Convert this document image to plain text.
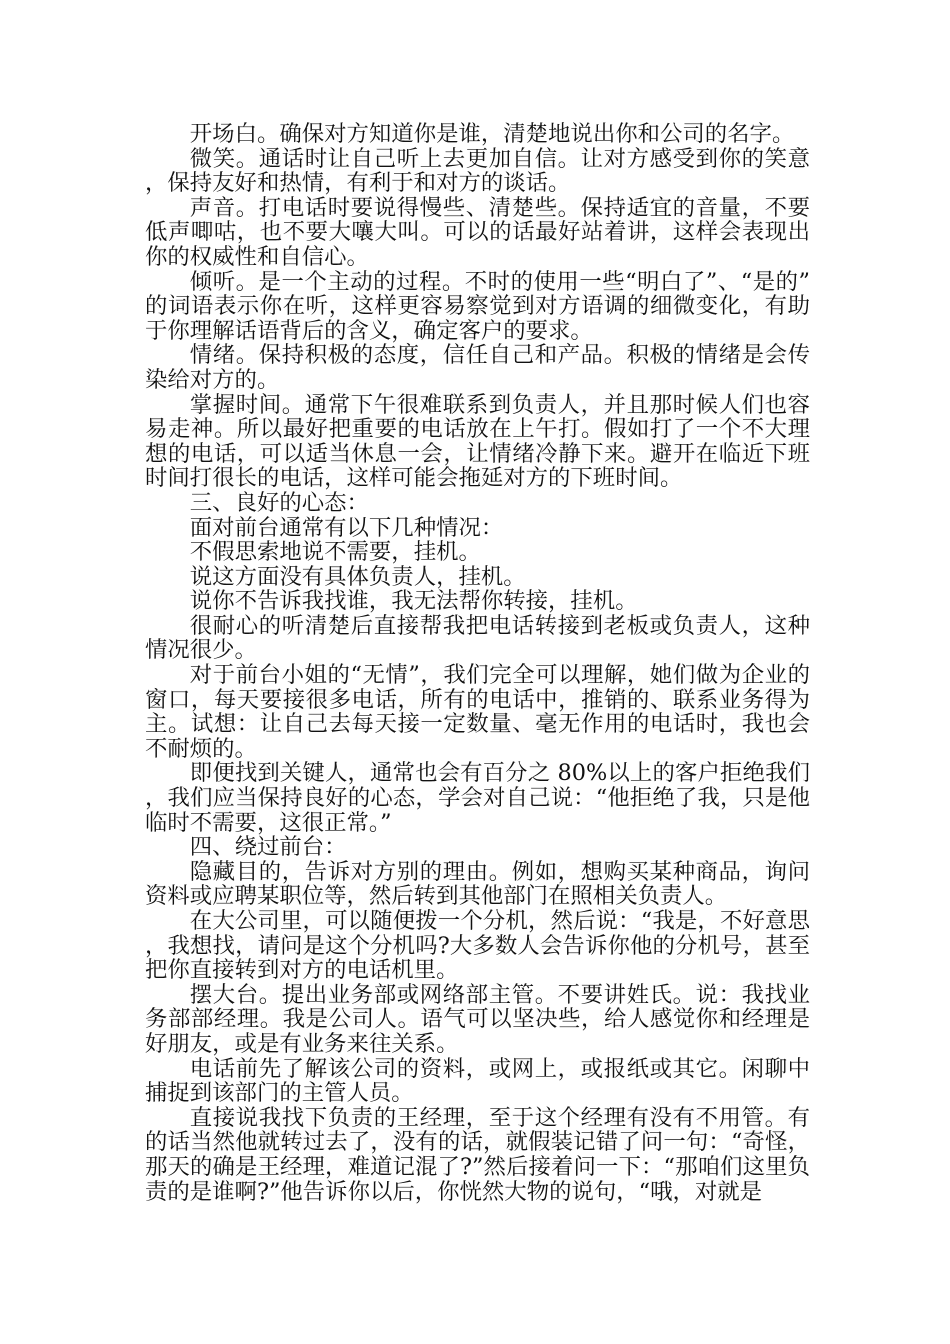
开场白。确保对方知道你是谁，清楚地说出你和公司的名字。

微笑。通话时让自己听上去更加自信。让对方感受到你的笑意，保持友好和热情，有利于和对方的谈话。

声音。打电话时要说得慢些、清楚些。保持适宜的音量，不要低声唧咕，也不要大嚷大叫。可以的话最好站着讲，这样会表现出你的权威性和自信心。

倾听。是一个主动的过程。不时的使用一些“明白了”、“是的”的词语表示你在听，这样更容易察觉到对方语调的细微变化，有助于你理解话语背后的含义，确定客户的要求。

情绪。保持积极的态度，信任自己和产品。积极的情绪是会传染给对方的。

掌握时间。通常下午很难联系到负责人，并且那时候人们也容易走神。所以最好把重要的电话放在上午打。假如打了一个不大理想的电话，可以适当休息一会，让情绪冷静下来。避开在临近下班时间打很长的电话，这样可能会拖延对方的下班时间。

三、良好的心态：

面对前台通常有以下几种情况：

不假思索地说不需要，挂机。

说这方面没有具体负责人，挂机。

说你不告诉我找谁，我无法帮你转接，挂机。

很耐心的听清楚后直接帮我把电话转接到老板或负责人，这种情况很少。

对于前台小姐的“无情”，我们完全可以理解，她们做为企业的窗口，每天要接很多电话，所有的电话中，推销的、联系业务得为主。试想：让自己去每天接一定数量、毫无作用的电话时，我也会不耐烦的。

即便找到关键人，通常也会有百分之 80%以上的客户拒绝我们，我们应当保持良好的心态，学会对自己说：“他拒绝了我，只是他临时不需要，这很正常。”

四、绕过前台：

隐藏目的，告诉对方别的理由。例如，想购买某种商品，询问资料或应聘某职位等，然后转到其他部门在照相关负责人。

在大公司里，可以随便拨一个分机，然后说：“我是，不好意思，我想找，请问是这个分机吗?大多数人会告诉你他的分机号，甚至把你直接转到对方的电话机里。

摆大台。提出业务部或网络部主管。不要讲姓氏。说：我找业务部部经理。我是公司人。语气可以坚决些，给人感觉你和经理是好朋友，或是有业务来往关系。

电话前先了解该公司的资料，或网上，或报纸或其它。闲聊中捕捉到该部门的主管人员。

直接说我找下负责的王经理，至于这个经理有没有不用管。有的话当然他就转过去了，没有的话，就假装记错了问一句：“奇怪，那天的确是王经理，难道记混了?”然后接着问一下：“那咱们这里负责的是谁啊?”他告诉你以后，你恍然大物的说句，“哦，对就是
